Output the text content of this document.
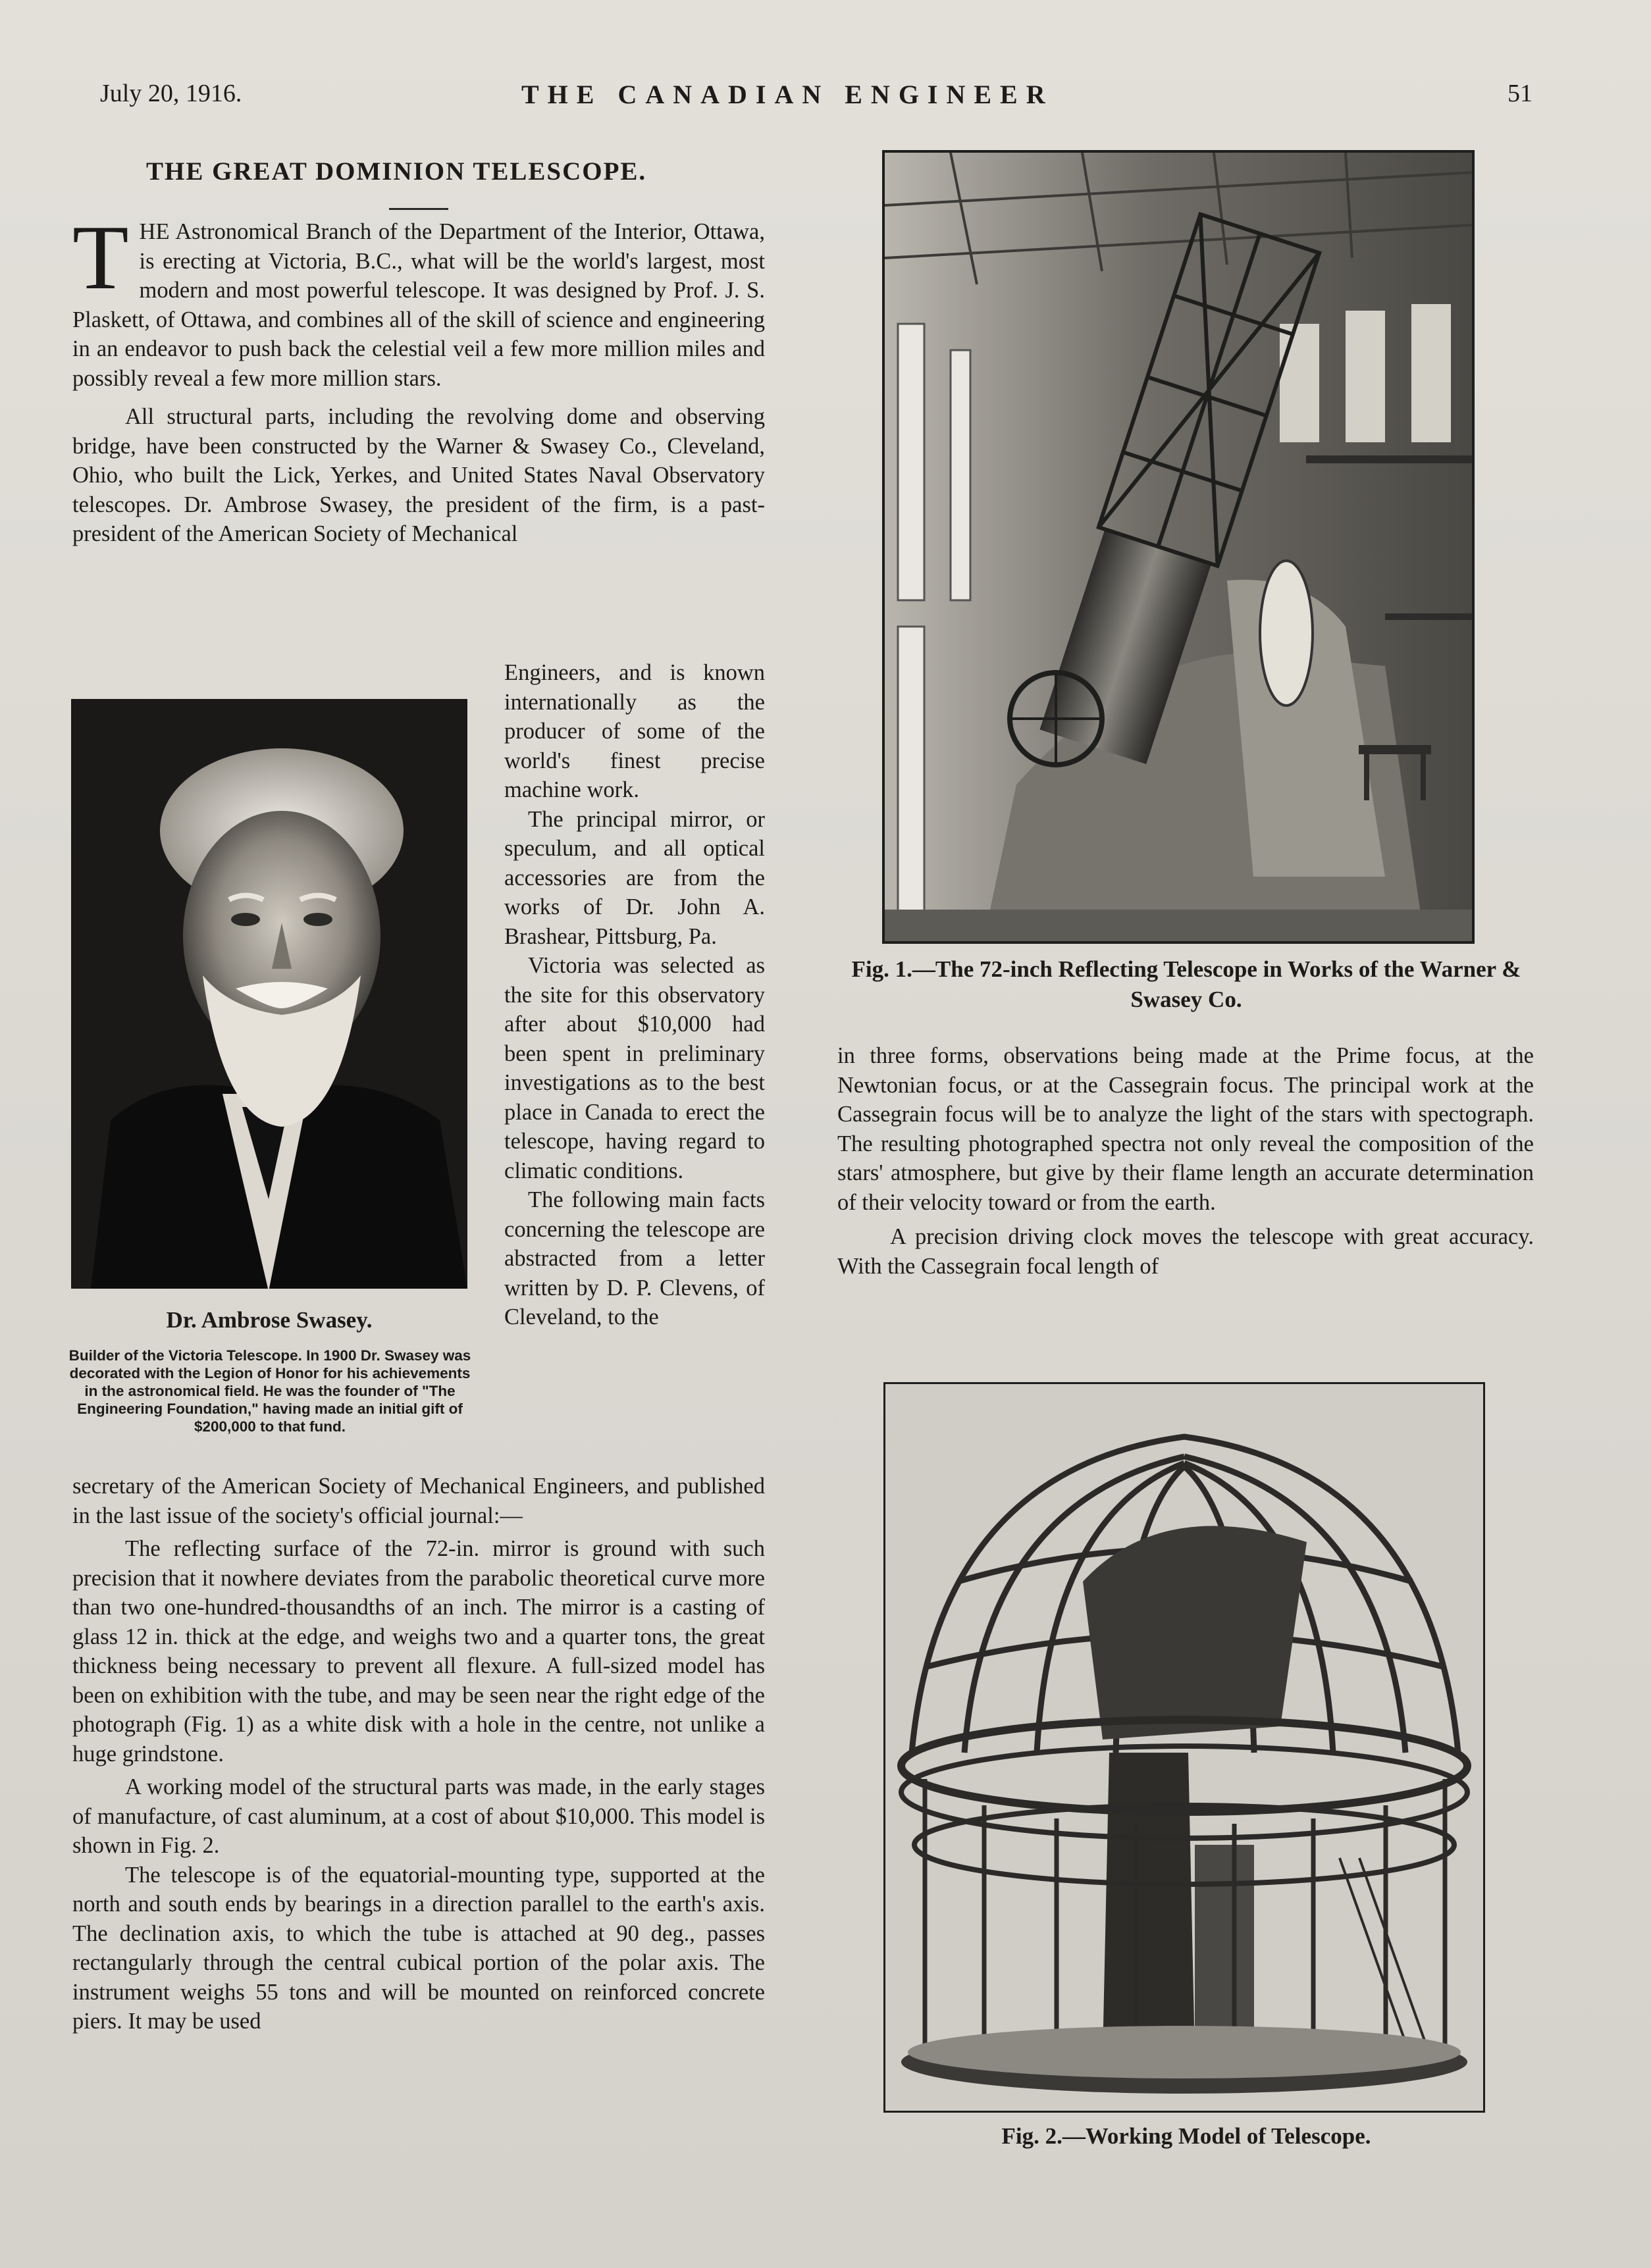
July 20, 1916.	THE CANADIAN ENGINEER	51
THE GREAT DOMINION TELESCOPE.

THE Astronomical Branch of the Department of the Interior, Ottawa, is erecting at Victoria, B.C., what will be the world's largest, most modern and most powerful telescope. It was designed by Prof. J. S. Plaskett, of Ottawa, and combines all of the skill of science and engineering in an endeavor to push back the celestial veil a few more million miles and possibly reveal a few more million stars.

All structural parts, including the revolving dome and observing bridge, have been constructed by the Warner & Swasey Co., Cleveland, Ohio, who built the Lick, Yerkes, and United States Naval Observatory telescopes. Dr. Ambrose Swasey, the president of the firm, is a past-president of the American Society of Mechanical

Dr. Ambrose Swasey.
Builder of the Victoria Telescope. In 1900 Dr. Swasey was decorated with the Legion of Honor for his achievements in the astronomical field. He was the founder of "The Engineering Foundation," having made an initial gift of $200,000 to that fund.

Engineers, and is known internationally as the producer of some of the world's finest precise machine work.

The principal mirror, or speculum, and all optical accessories are from the works of Dr. John A. Brashear, Pittsburg, Pa.

Victoria was selected as the site for this observatory after about $10,000 had been spent in preliminary investigations as to the best place in Canada to erect the telescope, having regard to climatic conditions.

The following main facts concerning the telescope are abstracted from a letter written by D. P. Clevens, of Cleveland, to the

secretary of the American Society of Mechanical Engineers, and published in the last issue of the society's official journal:—

The reflecting surface of the 72-in. mirror is ground with such precision that it nowhere deviates from the parabolic theoretical curve more than two one-hundred-thousandths of an inch. The mirror is a casting of glass 12 in. thick at the edge, and weighs two and a quarter tons, the great thickness being necessary to prevent all flexure. A full-sized model has been on exhibition with the tube, and may be seen near the right edge of the photograph (Fig. 1) as a white disk with a hole in the centre, not unlike a huge grindstone.

A working model of the structural parts was made, in the early stages of manufacture, of cast aluminum, at a cost of about $10,000. This model is shown in Fig. 2.

The telescope is of the equatorial-mounting type, supported at the north and south ends by bearings in a direction parallel to the earth's axis. The declination axis, to which the tube is attached at 90 deg., passes rectangularly through the central cubical portion of the polar axis. The instrument weighs 55 tons and will be mounted on reinforced concrete piers. It may be used

Fig. 1.—The 72-inch Reflecting Telescope in Works of the Warner & Swasey Co.

in three forms, observations being made at the Prime focus, at the Newtonian focus, or at the Cassegrain focus. The principal work at the Cassegrain focus will be to analyze the light of the stars with spectograph. The resulting photographed spectra not only reveal the composition of the stars' atmosphere, but give by their flame length an accurate determination of their velocity toward or from the earth.

A precision driving clock moves the telescope with great accuracy. With the Cassegrain focal length of

Fig. 2.—Working Model of Telescope.
